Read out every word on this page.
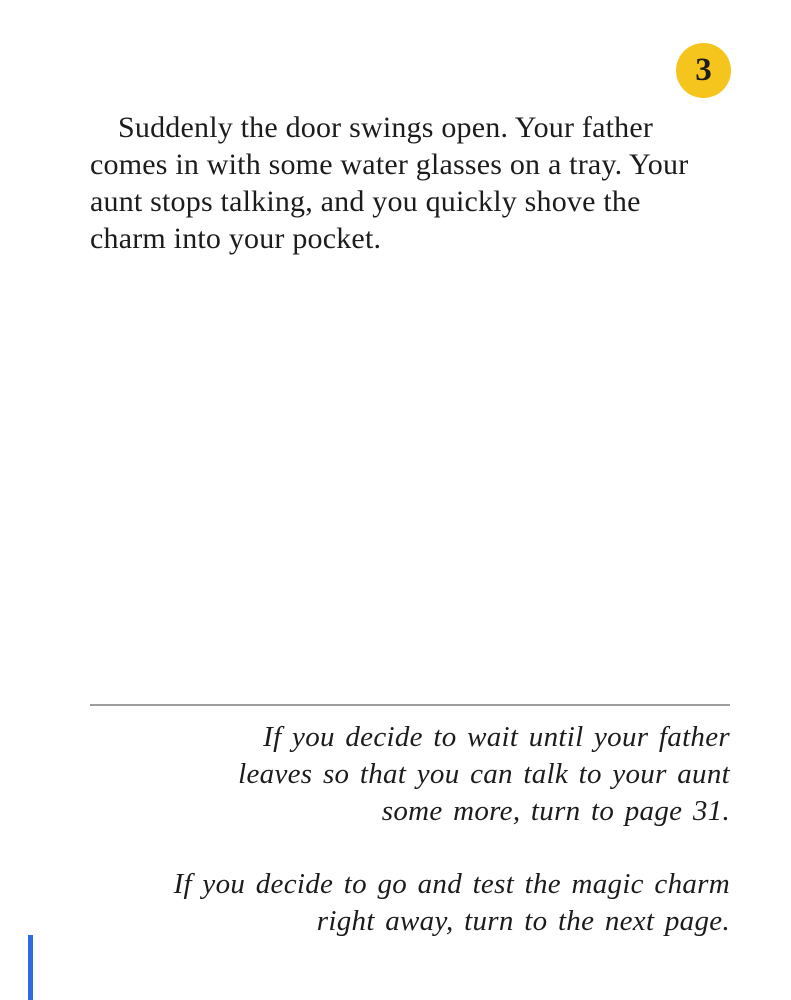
3
Suddenly the door swings open. Your father
comes in with some water glasses on a tray. Your
aunt stops talking, and you quickly shove the
charm into your pocket.
If you decide to wait until your father
leaves so that you can talk to your aunt
some more, turn to page 31.
If you decide to go and test the magic charm
right away, turn to the next page.
